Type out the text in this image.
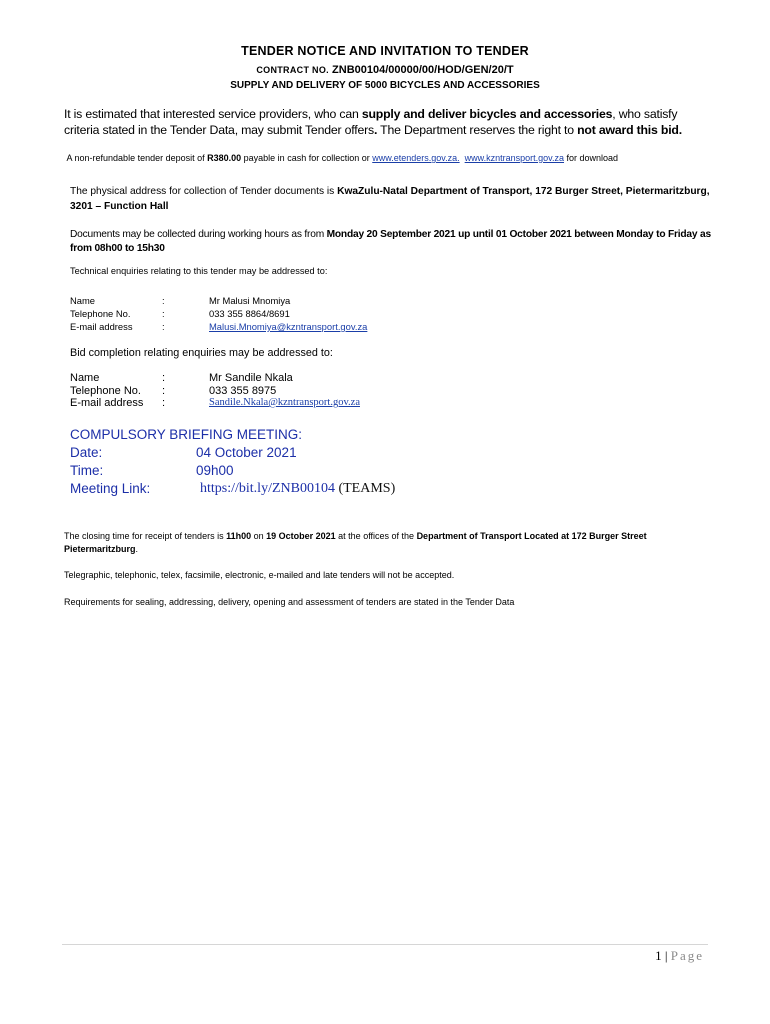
TENDER NOTICE AND INVITATION TO TENDER
CONTRACT NO. ZNB00104/00000/00/HOD/GEN/20/T
SUPPLY AND DELIVERY OF 5000 BICYCLES AND ACCESSORIES
It is estimated that interested service providers, who can supply and deliver bicycles and accessories, who satisfy criteria stated in the Tender Data, may submit Tender offers. The Department reserves the right to not award this bid.
A non-refundable tender deposit of R380.00 payable in cash for collection or www.etenders.gov.za. www.kzntransport.gov.za for download
The physical address for collection of Tender documents is KwaZulu-Natal Department of Transport, 172 Burger Street, Pietermaritzburg, 3201 – Function Hall
Documents may be collected during working hours as from Monday 20 September 2021 up until 01 October 2021 between Monday to Friday as from 08h00 to 15h30
Technical enquiries relating to this tender may be addressed to:
Name	:	Mr Malusi Mnomiya
Telephone No.	:	033 355 8864/8691
E-mail address	:	Malusi.Mnomiya@kzntransport.gov.za
Bid completion relating enquiries may be addressed to:
Name	:	Mr Sandile Nkala
Telephone No. :	033 355 8975
E-mail address :	Sandile.Nkala@kzntransport.gov.za
COMPULSORY BRIEFING MEETING:
Date:	04 October 2021
Time:	09h00
Meeting Link:	https://bit.ly/ZNB00104 (TEAMS)
The closing time for receipt of tenders is 11h00 on 19 October 2021 at the offices of the Department of Transport Located at 172 Burger Street Pietermaritzburg.
Telegraphic, telephonic, telex, facsimile, electronic, e-mailed and late tenders will not be accepted.
Requirements for sealing, addressing, delivery, opening and assessment of tenders are stated in the Tender Data
1 | Page
